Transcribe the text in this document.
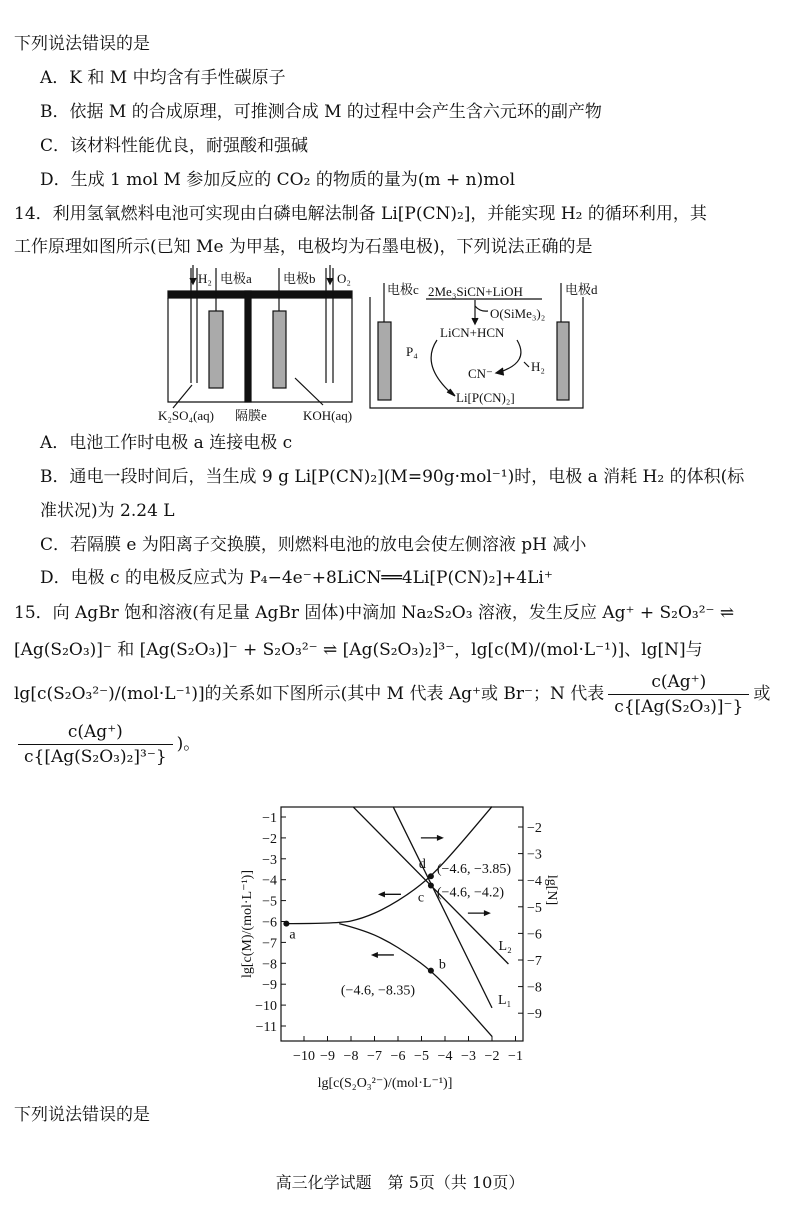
下列说法错误的是
A．K 和 M 中均含有手性碳原子
B．依据 M 的合成原理，可推测合成 M 的过程中会产生含六元环的副产物
C．该材料性能优良，耐强酸和强碱
D．生成 1 mol M 参加反应的 CO₂ 的物质的量为(m + n)mol
14．利用氢氧燃料电池可实现由白磷电解法制备 Li[P(CN)₂]，并能实现 H₂ 的循环利用，其
工作原理如图所示(已知 Me 为甲基，电极均为石墨电极)，下列说法正确的是
H₂ 电极a 电极b O₂
K₂SO₄(aq) 隔膜e	KOH(aq)
电极c	电极d
2Me₃SiCN+LiOH
O(SiMe₃)₂
LiCN+HCN
P₄
CN⁻	H₂
Li[P(CN)₂]
A．电池工作时电极 a 连接电极 c
B．通电一段时间后，当生成 9 g Li[P(CN)₂](M=90g·mol⁻¹)时，电极 a 消耗 H₂ 的体积(标
准状况)为 2.24 L
C．若隔膜 e 为阳离子交换膜，则燃料电池的放电会使左侧溶液 pH 减小
D．电极 c 的电极反应式为 P₄−4e⁻+8LiCN══4Li[P(CN)₂]+4Li⁺
15．向 AgBr 饱和溶液(有足量 AgBr 固体)中滴加 Na₂S₂O₃ 溶液，发生反应 Ag⁺ + S₂O₃²⁻ ⇌
[Ag(S₂O₃)]⁻ 和 [Ag(S₂O₃)]⁻ + S₂O₃²⁻ ⇌ [Ag(S₂O₃)₂]³⁻，lg[c(M)/(mol·L⁻¹)]、lg[N]与
lg[c(S₂O₃²⁻)/(mol·L⁻¹)]的关系如下图所示(其中 M 代表 Ag⁺或 Br⁻；N 代表 $\frac{c(Ag^+)}{\text{c\{[Ag(S₂O₃)]⁻\}}}$ 或
$\frac{c(Ag^+)}{\text{c\{[Ag(S₂O₃)₂]³⁻\}}}$ )。
lg[c(S₂O₃²⁻)/(mol·L⁻¹)]
lg[c(M)/(mol·L⁻¹)]	lg[N]
−10 −9 −8 −7 −6 −5 −4 −3 −2 −1
−1
−2
−3
−4
−5
−6
−7
−8
−9
−10
−11
−2
−3
−4
−5
−6
−7
−8
−9
a
b
(−4.6, −8.35)
c (−4.6, −4.2)
d (−4.6, −3.85)
L₁
L₂
下列说法错误的是
高三化学试题　第 5页（共 10页）
